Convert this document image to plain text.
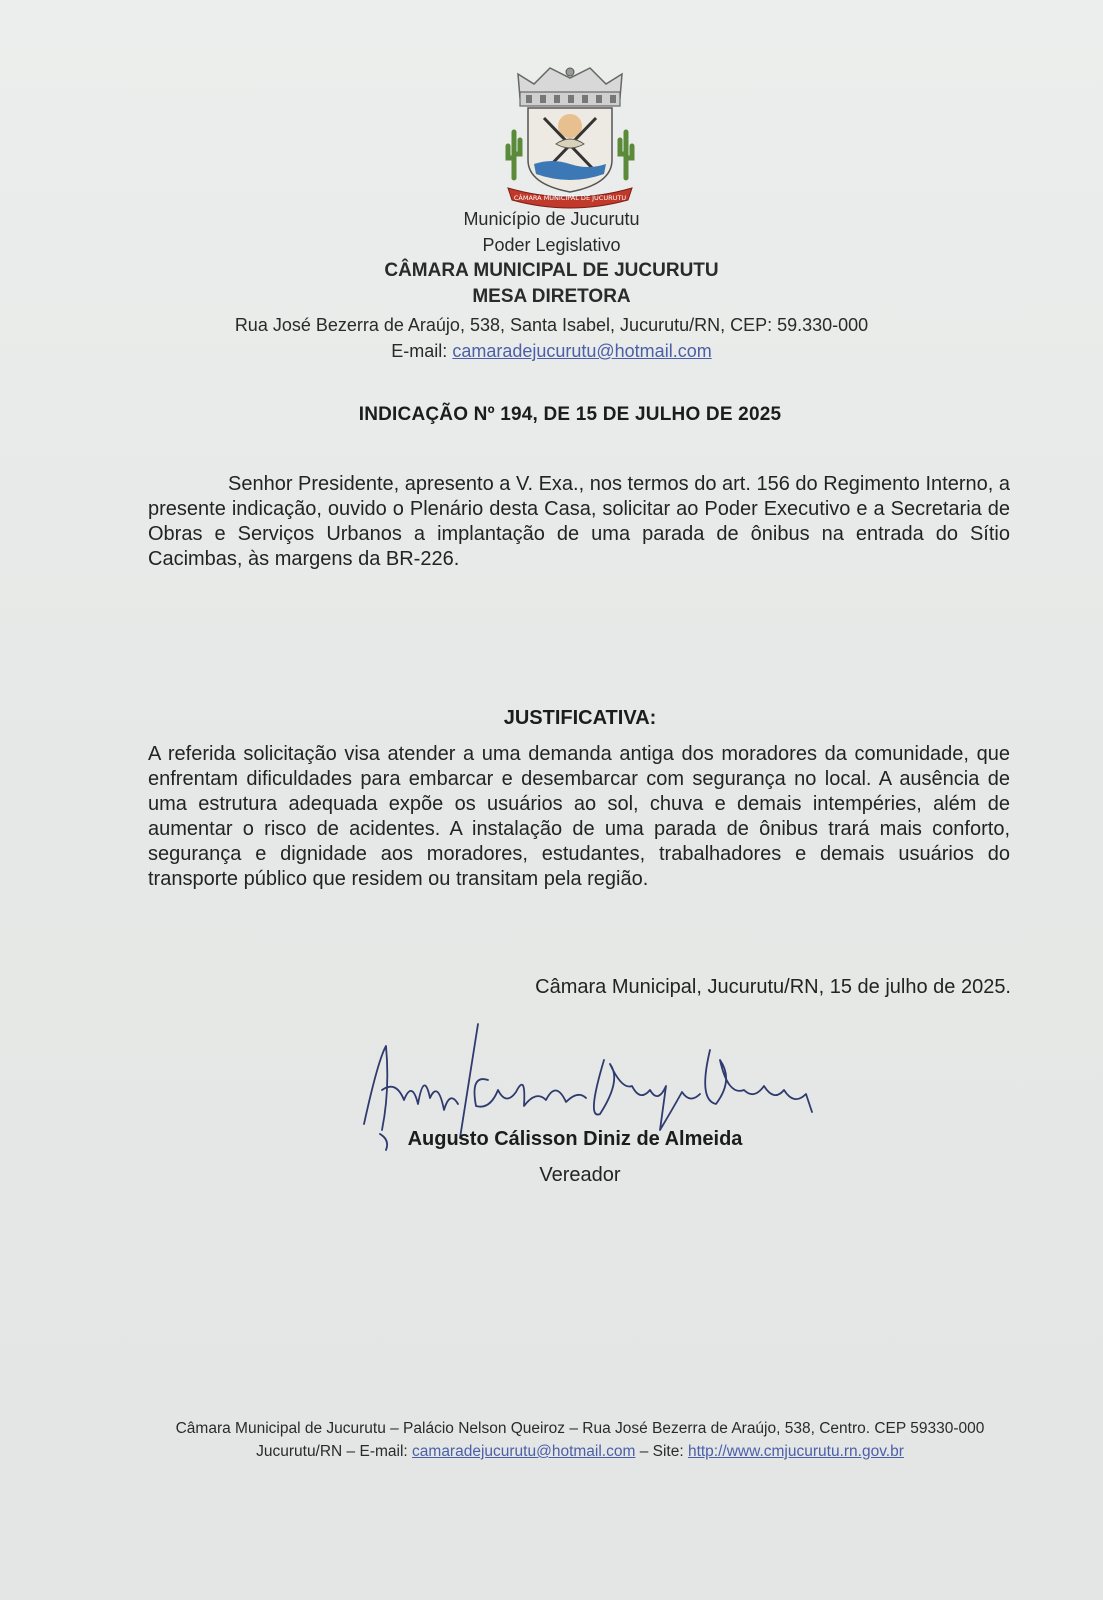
CÂMARA MUNICIPAL DE JUCURUTU
Município de Jucurutu
Poder Legislativo
CÂMARA MUNICIPAL DE JUCURUTU
MESA DIRETORA
Rua José Bezerra de Araújo, 538, Santa Isabel, Jucurutu/RN, CEP: 59.330-000
E-mail: camaradejucurutu@hotmail.com
INDICAÇÃO Nº 194, DE 15 DE JULHO DE 2025
Senhor Presidente, apresento a V. Exa., nos termos do art. 156 do Regimento Interno, a presente indicação, ouvido o Plenário desta Casa, solicitar ao Poder Executivo e a Secretaria de Obras e Serviços Urbanos a implantação de uma parada de ônibus na entrada do Sítio Cacimbas, às margens da BR-226.
JUSTIFICATIVA:
A referida solicitação visa atender a uma demanda antiga dos moradores da comunidade, que enfrentam dificuldades para embarcar e desembarcar com segurança no local. A ausência de uma estrutura adequada expõe os usuários ao sol, chuva e demais intempéries, além de aumentar o risco de acidentes. A instalação de uma parada de ônibus trará mais conforto, segurança e dignidade aos moradores, estudantes, trabalhadores e demais usuários do transporte público que residem ou transitam pela região.
Câmara Municipal, Jucurutu/RN, 15 de julho de 2025.
Augusto Cálisson Diniz de Almeida
Augusto Cálisson Diniz de Almeida
Vereador
Câmara Municipal de Jucurutu – Palácio Nelson Queiroz – Rua José Bezerra de Araújo, 538, Centro. CEP 59330-000
Jucurutu/RN – E-mail: camaradejucurutu@hotmail.com – Site: http://www.cmjucurutu.rn.gov.br
